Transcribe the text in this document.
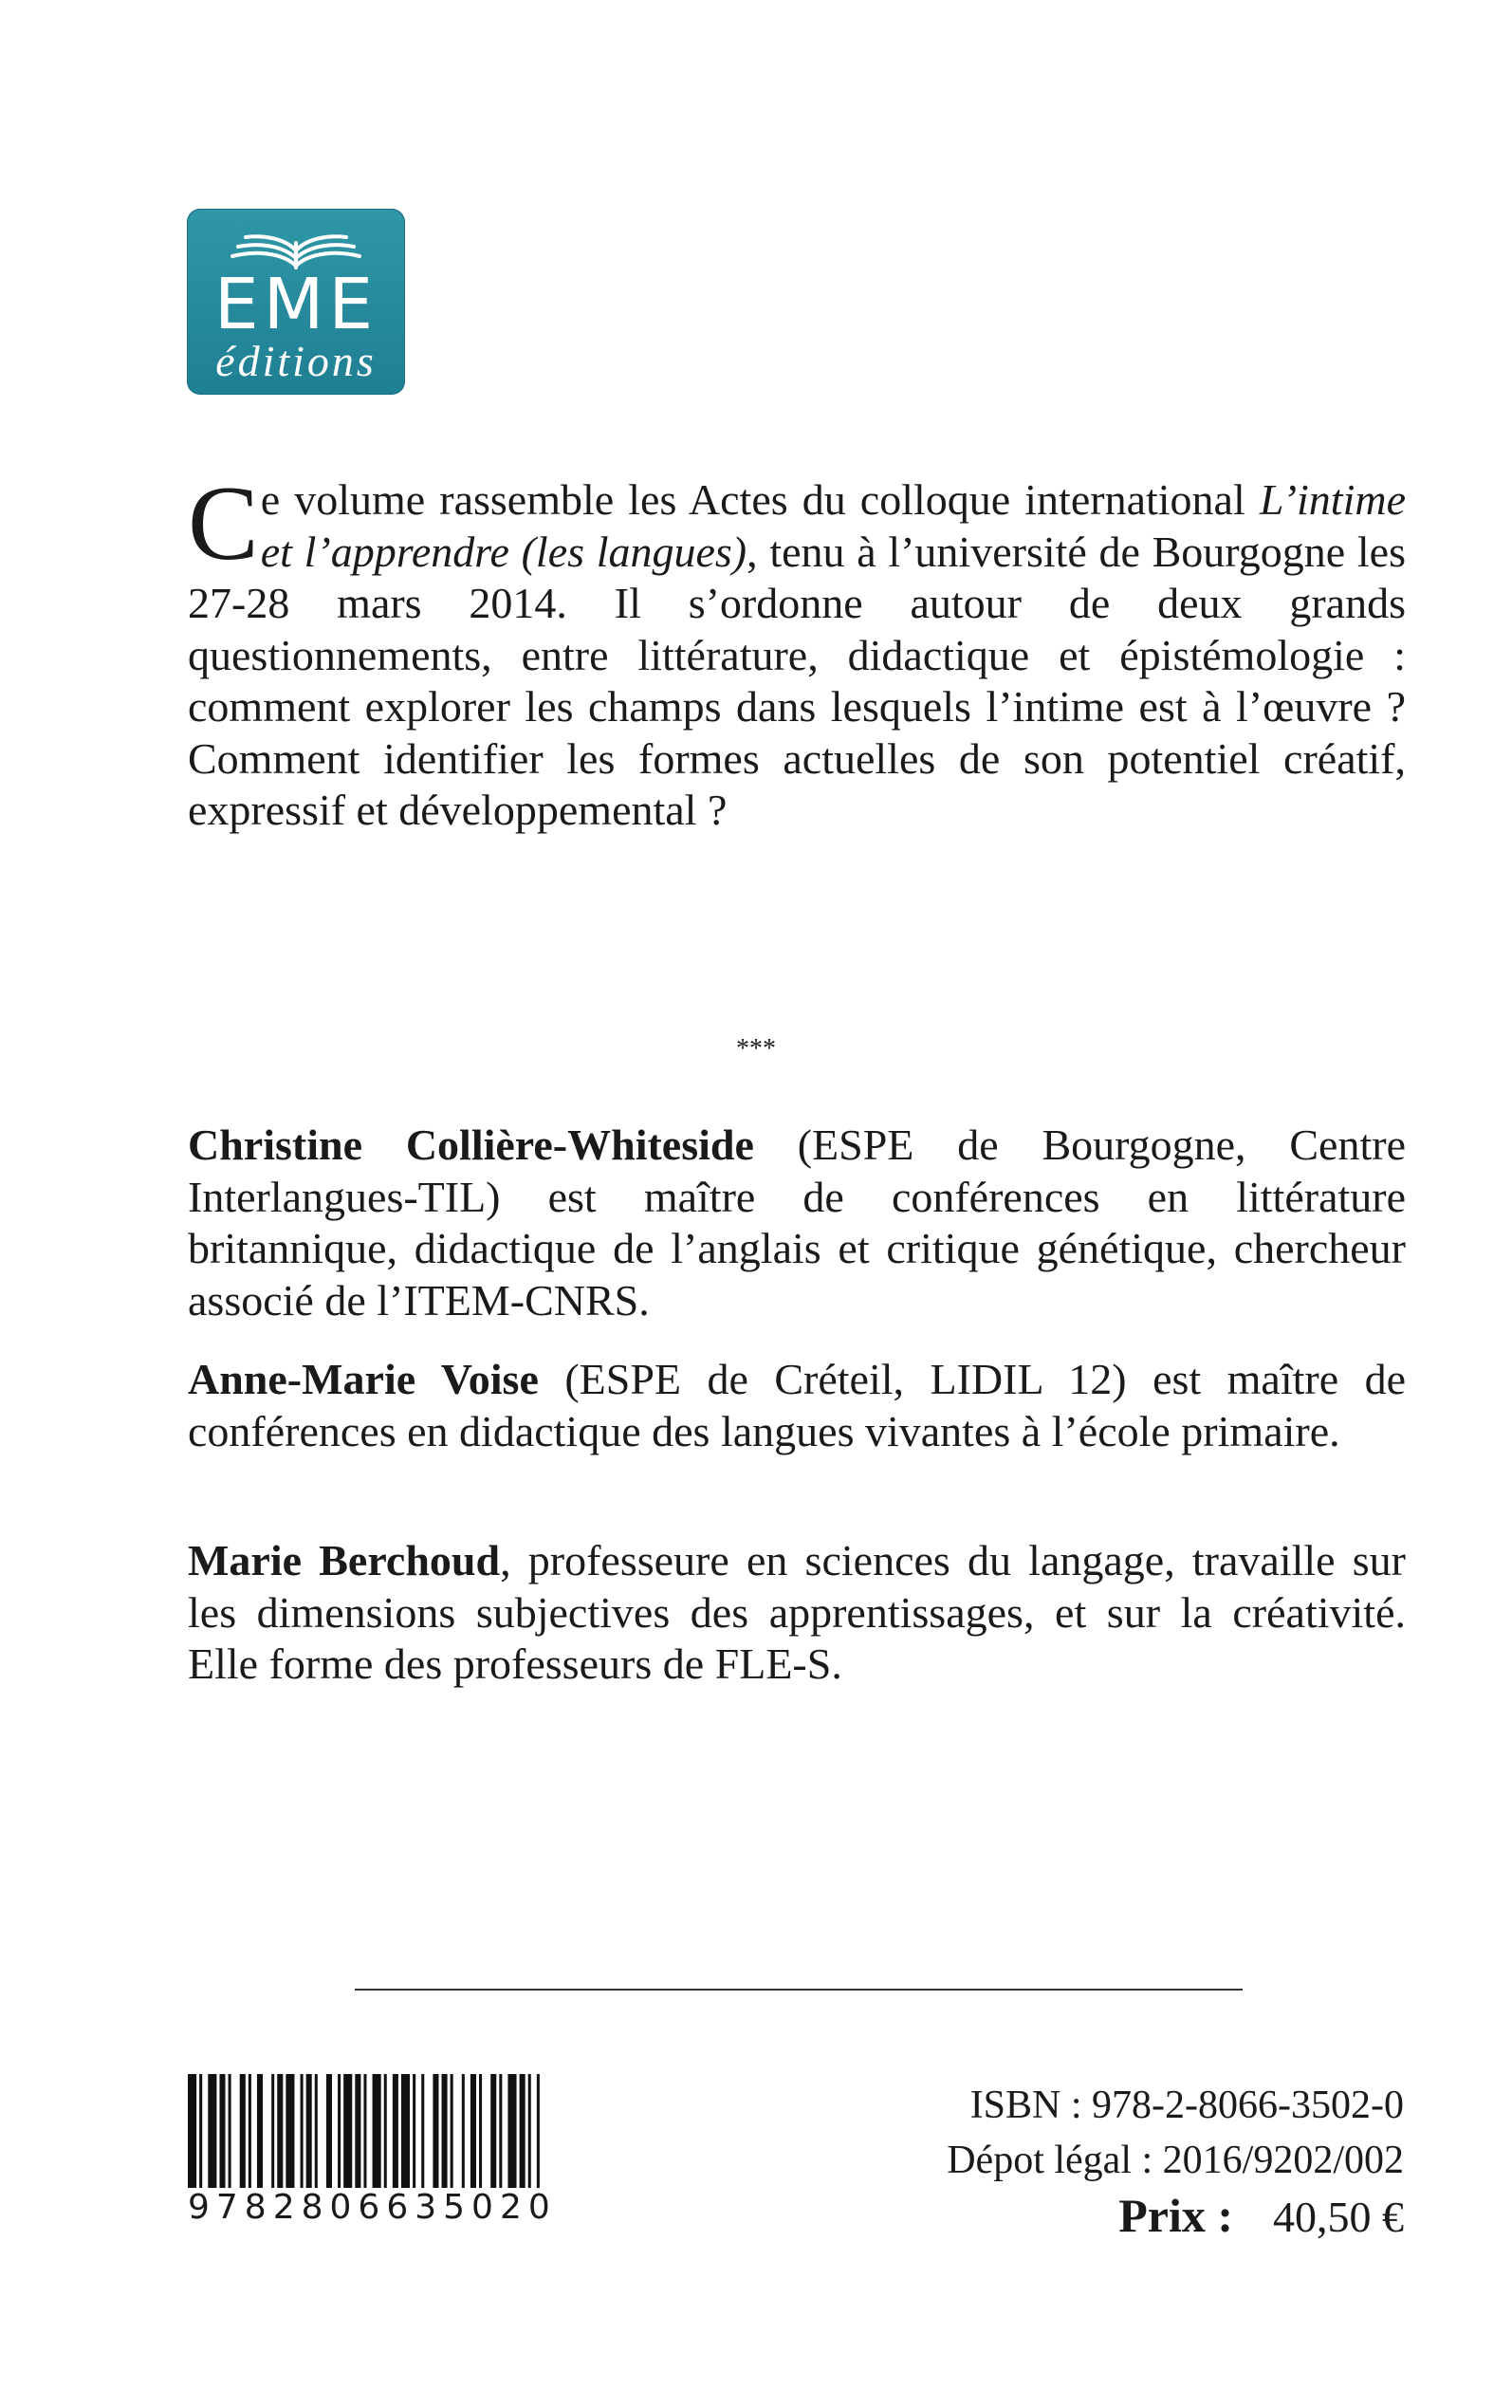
EME
éditions
Ce volume rassemble les Actes du colloque international L’intime et l’apprendre (les langues), tenu à l’université de Bourgogne les 27-28 mars 2014. Il s’ordonne autour de deux grands questionnements, entre littérature, didactique et épistémologie : comment explorer les champs dans lesquels l’intime est à l’œuvre ? Comment identifier les formes actuelles de son potentiel créatif, expressif et développemental ?
***
Christine Collière-Whiteside (ESPE de Bourgogne, Centre Interlangues-TIL) est maître de conférences en littérature britannique, didactique de l’anglais et critique génétique, chercheur associé de l’ITEM-CNRS.
Anne-Marie Voise (ESPE de Créteil, LIDIL 12) est maître de conférences en didactique des langues vivantes à l’école primaire.
Marie Berchoud, professeure en sciences du langage, travaille sur les dimensions subjectives des apprentissages, et sur la créativité. Elle forme des professeurs de FLE-S.
9782806635020
ISBN : 978-2-8066-3502-0
Dépot légal : 2016/9202/002
Prix : 40,50 €
